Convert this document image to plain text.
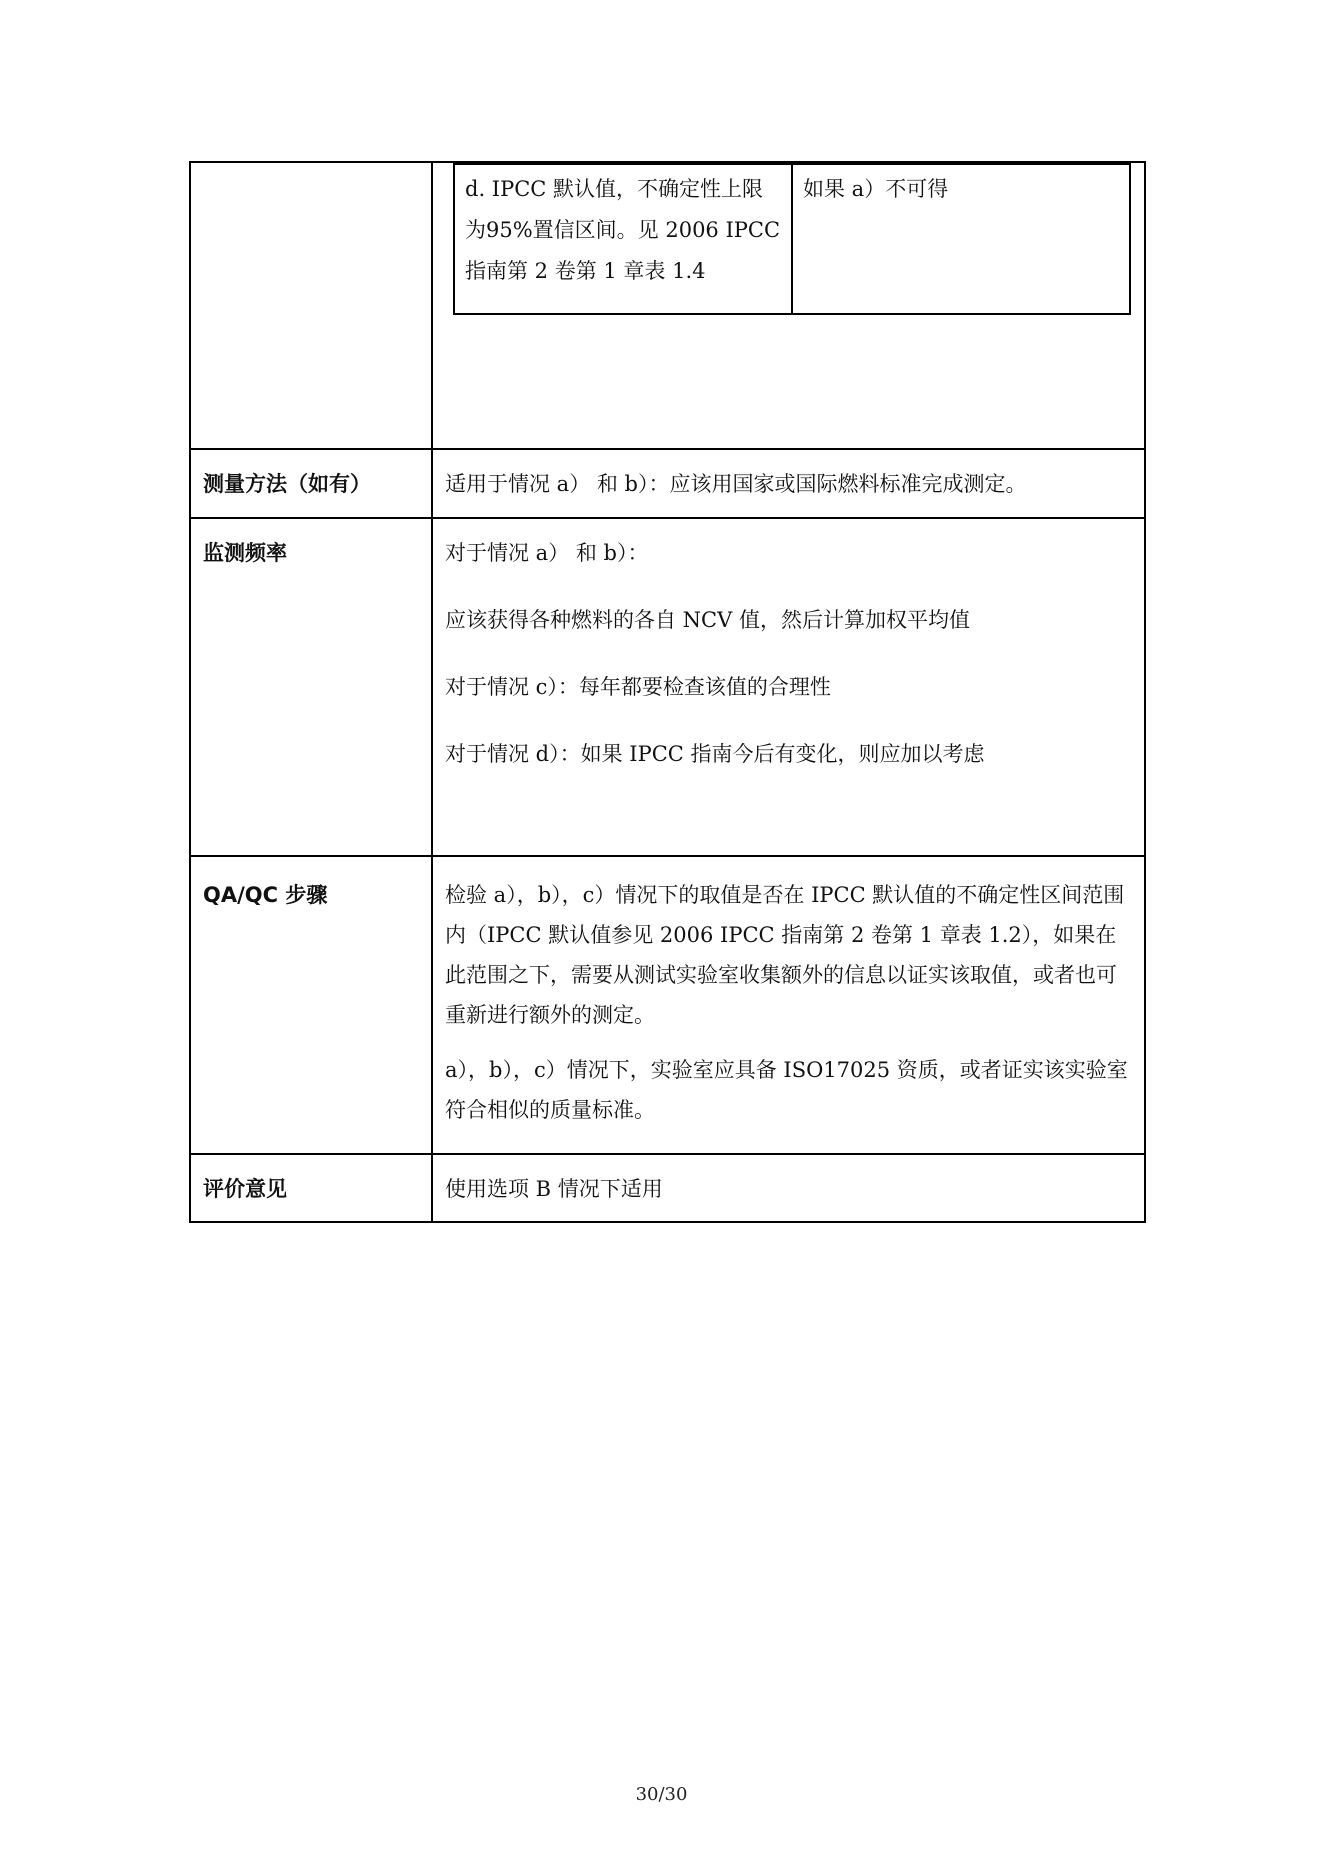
d. IPCC 默认值，不确定性上限为95%置信区间。见 2006 IPCC 指南第 2 卷第 1 章表 1.4	如果 a）不可得

测量方法（如有）	适用于情况 a） 和 b）：应该用国家或国际燃料标准完成测定。

监测频率	对于情况 a） 和 b）：

应该获得各种燃料的各自 NCV 值，然后计算加权平均值

对于情况 c）：每年都要检查该值的合理性

对于情况 d）：如果 IPCC 指南今后有变化，则应加以考虑

QA/QC 步骤	检验 a），b），c）情况下的取值是否在 IPCC 默认值的不确定性区间范围内（IPCC 默认值参见 2006 IPCC 指南第 2 卷第 1 章表 1.2），如果在此范围之下，需要从测试实验室收集额外的信息以证实该取值，或者也可重新进行额外的测定。

a），b），c）情况下，实验室应具备 ISO17025 资质，或者证实该实验室符合相似的质量标准。

评价意见	使用选项 B 情况下适用

30/30
